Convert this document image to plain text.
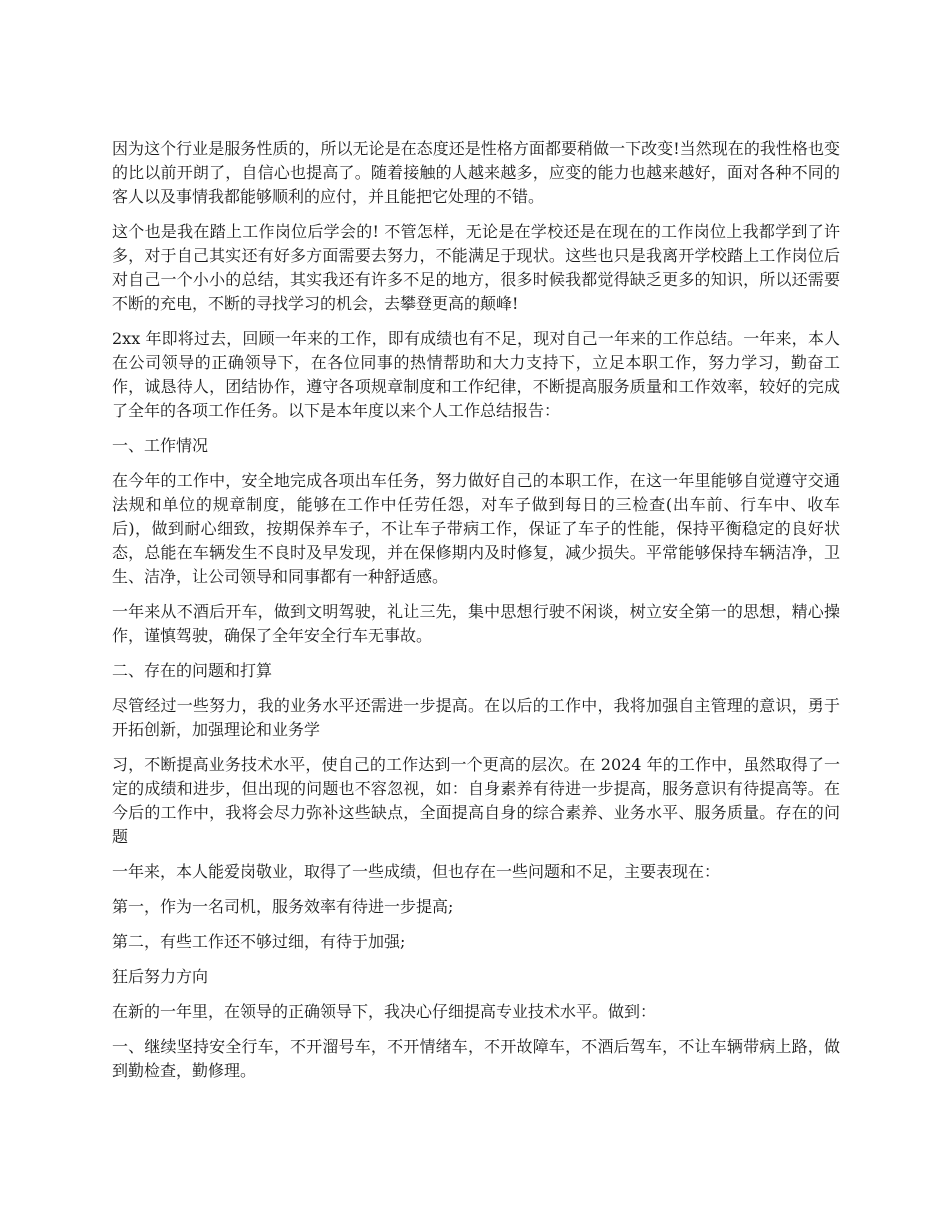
因为这个行业是服务性质的，所以无论是在态度还是性格方面都要稍做一下改变!当然现在的我性格也变的比以前开朗了，自信心也提高了。随着接触的人越来越多，应变的能力也越来越好，面对各种不同的客人以及事情我都能够顺利的应付，并且能把它处理的不错。

这个也是我在踏上工作岗位后学会的! 不管怎样，无论是在学校还是在现在的工作岗位上我都学到了许多，对于自己其实还有好多方面需要去努力，不能满足于现状。这些也只是我离开学校踏上工作岗位后对自己一个小小的总结，其实我还有许多不足的地方，很多时候我都觉得缺乏更多的知识，所以还需要不断的充电，不断的寻找学习的机会，去攀登更高的颠峰!

2xx 年即将过去，回顾一年来的工作，即有成绩也有不足，现对自己一年来的工作总结。一年来，本人在公司领导的正确领导下，在各位同事的热情帮助和大力支持下，立足本职工作，努力学习，勤奋工作，诚恳待人，团结协作，遵守各项规章制度和工作纪律，不断提高服务质量和工作效率，较好的完成了全年的各项工作任务。以下是本年度以来个人工作总结报告：

一、工作情况

在今年的工作中，安全地完成各项出车任务，努力做好自己的本职工作，在这一年里能够自觉遵守交通法规和单位的规章制度，能够在工作中任劳任怨，对车子做到每日的三检查(出车前、行车中、收车后)，做到耐心细致，按期保养车子，不让车子带病工作，保证了车子的性能，保持平衡稳定的良好状态，总能在车辆发生不良时及早发现，并在保修期内及时修复，减少损失。平常能够保持车辆洁净，卫生、洁净，让公司领导和同事都有一种舒适感。

一年来从不酒后开车，做到文明驾驶，礼让三先，集中思想行驶不闲谈，树立安全第一的思想，精心操作，谨慎驾驶，确保了全年安全行车无事故。

二、存在的问题和打算

尽管经过一些努力，我的业务水平还需进一步提高。在以后的工作中，我将加强自主管理的意识，勇于开拓创新，加强理论和业务学

习，不断提高业务技术水平，使自己的工作达到一个更高的层次。在 2024 年的工作中，虽然取得了一定的成绩和进步，但出现的问题也不容忽视，如：自身素养有待进一步提高，服务意识有待提高等。在今后的工作中，我将会尽力弥补这些缺点，全面提高自身的综合素养、业务水平、服务质量。存在的问题

一年来，本人能爱岗敬业，取得了一些成绩，但也存在一些问题和不足，主要表现在：

第一，作为一名司机，服务效率有待进一步提高;

第二，有些工作还不够过细，有待于加强;

狂后努力方向

在新的一年里，在领导的正确领导下，我决心仔细提高专业技术水平。做到：

一、继续坚持安全行车，不开溜号车，不开情绪车，不开故障车，不酒后驾车，不让车辆带病上路，做到勤检查，勤修理。
